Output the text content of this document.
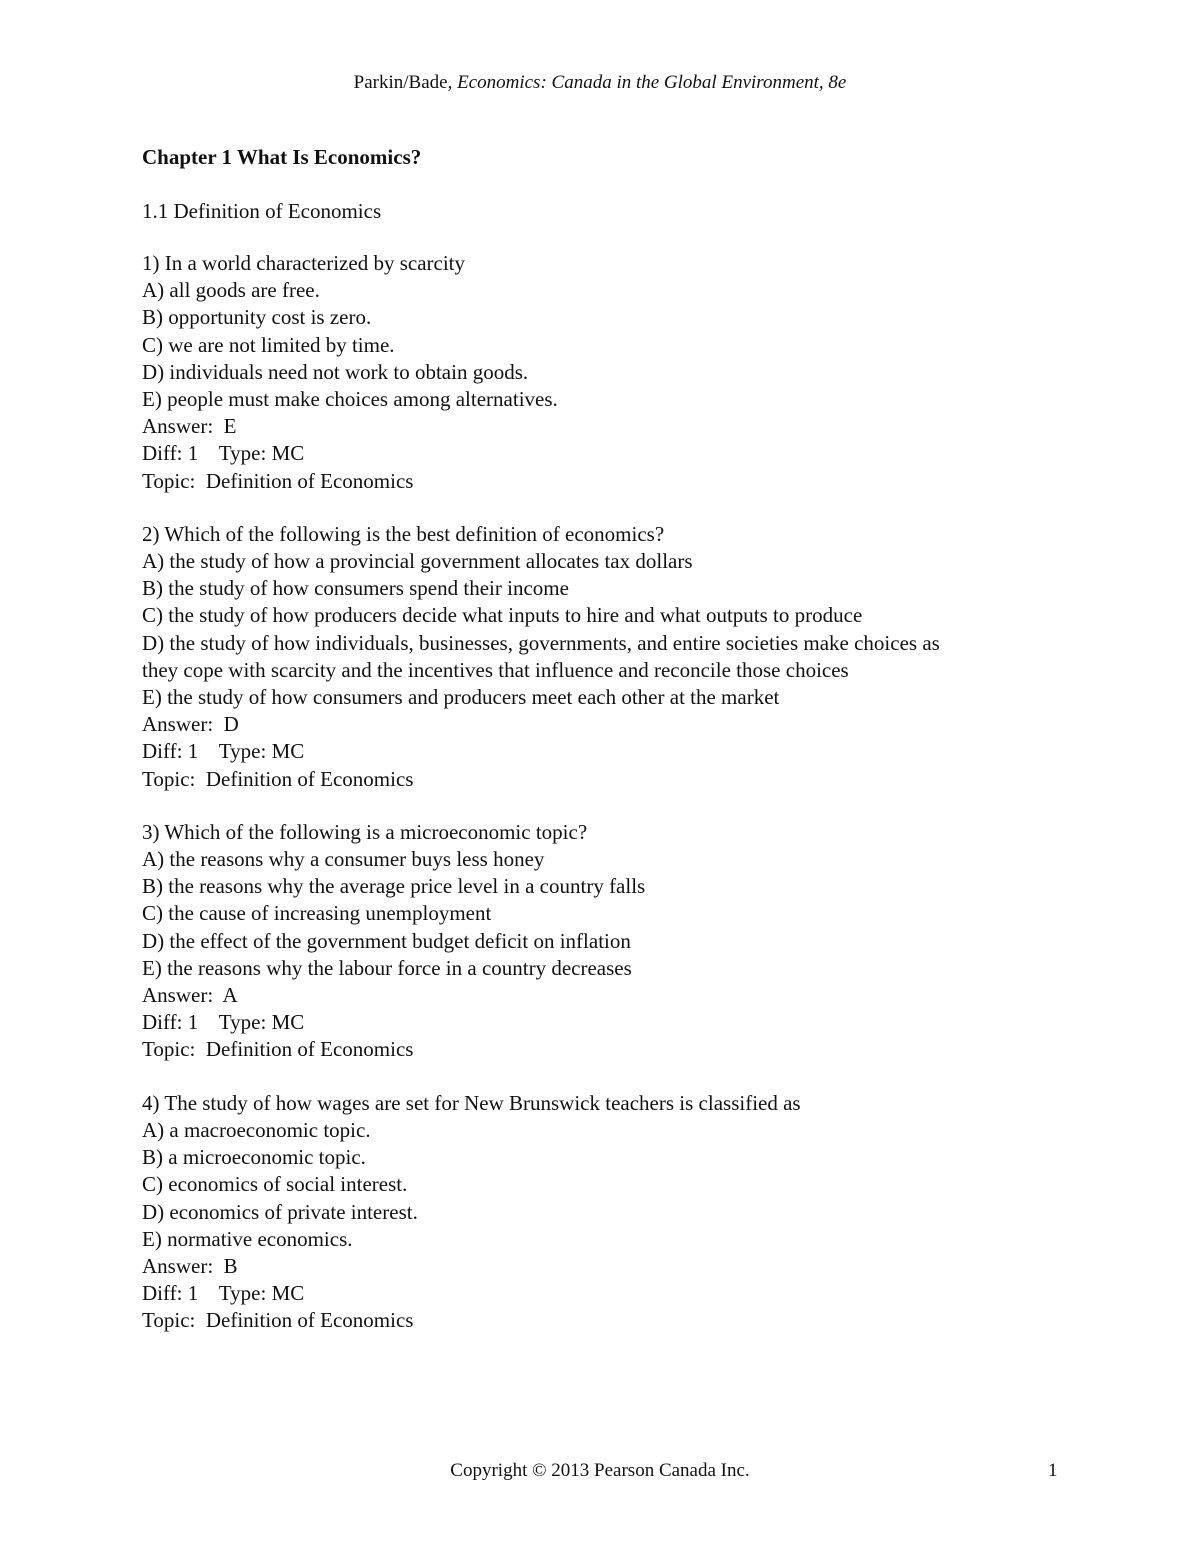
Parkin/Bade, Economics: Canada in the Global Environment, 8e
Chapter 1 What Is Economics?
1.1 Definition of Economics
1) In a world characterized by scarcity
A) all goods are free.
B) opportunity cost is zero.
C) we are not limited by time.
D) individuals need not work to obtain goods.
E) people must make choices among alternatives.
Answer:  E
Diff: 1    Type: MC
Topic:  Definition of Economics
2) Which of the following is the best definition of economics?
A) the study of how a provincial government allocates tax dollars
B) the study of how consumers spend their income
C) the study of how producers decide what inputs to hire and what outputs to produce
D) the study of how individuals, businesses, governments, and entire societies make choices as
they cope with scarcity and the incentives that influence and reconcile those choices
E) the study of how consumers and producers meet each other at the market
Answer:  D
Diff: 1    Type: MC
Topic:  Definition of Economics
3) Which of the following is a microeconomic topic?
A) the reasons why a consumer buys less honey
B) the reasons why the average price level in a country falls
C) the cause of increasing unemployment
D) the effect of the government budget deficit on inflation
E) the reasons why the labour force in a country decreases
Answer:  A
Diff: 1    Type: MC
Topic:  Definition of Economics
4) The study of how wages are set for New Brunswick teachers is classified as
A) a macroeconomic topic.
B) a microeconomic topic.
C) economics of social interest.
D) economics of private interest.
E) normative economics.
Answer:  B
Diff: 1    Type: MC
Topic:  Definition of Economics
Copyright © 2013 Pearson Canada Inc.	1
